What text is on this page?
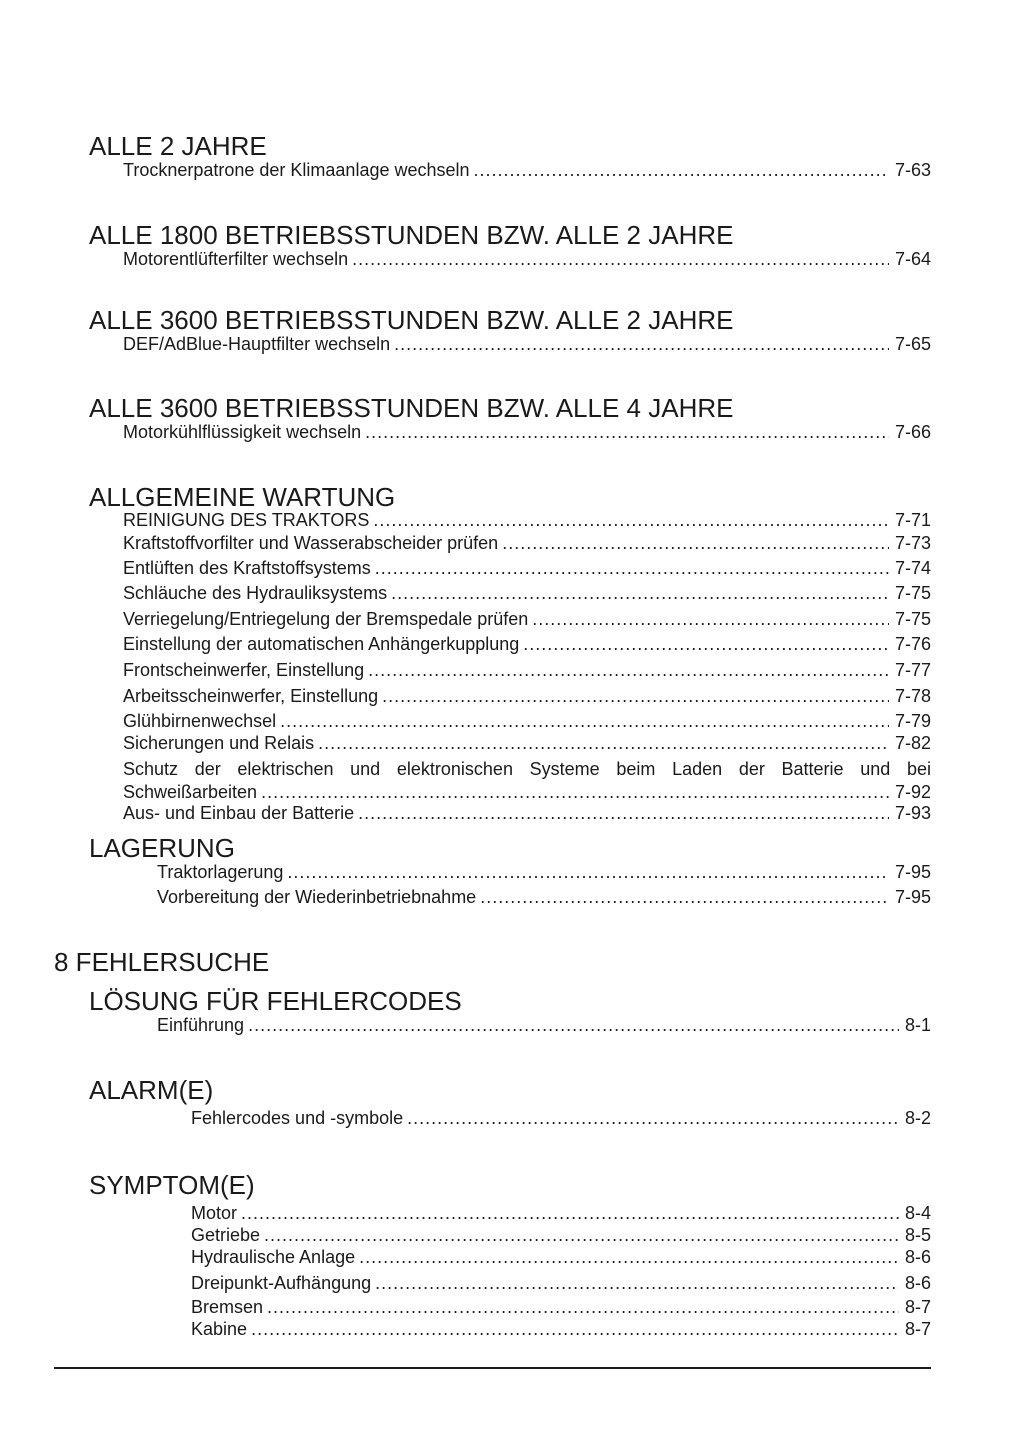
ALLE 2 JAHRE
Trocknerpatrone der Klimaanlage wechseln .....	7-63
ALLE 1800 BETRIEBSSTUNDEN BZW. ALLE 2 JAHRE
Motorentlüfterfilter wechseln .....	7-64
ALLE 3600 BETRIEBSSTUNDEN BZW. ALLE 2 JAHRE
DEF/AdBlue-Hauptfilter wechseln .....	7-65
ALLE 3600 BETRIEBSSTUNDEN BZW. ALLE 4 JAHRE
Motorkühlflüssigkeit wechseln .....	7-66
ALLGEMEINE WARTUNG
REINIGUNG DES TRAKTORS .....	7-71
Kraftstoffvorfilter und Wasserabscheider prüfen .....	7-73
Entlüften des Kraftstoffsystems .....	7-74
Schläuche des Hydrauliksystems .....	7-75
Verriegelung/Entriegelung der Bremspedale prüfen .....	7-75
Einstellung der automatischen Anhängerkupplung .....	7-76
Frontscheinwerfer, Einstellung .....	7-77
Arbeitsscheinwerfer, Einstellung .....	7-78
Glühbirnenwechsel .....	7-79
Sicherungen und Relais .....	7-82
Schutz der elektrischen und elektronischen Systeme beim Laden der Batterie und bei
Schweißarbeiten .....	7-92
Aus- und Einbau der Batterie .....	7-93
LAGERUNG
Traktorlagerung .....	7-95
Vorbereitung der Wiederinbetriebnahme .....	7-95
8 FEHLERSUCHE
LÖSUNG FÜR FEHLERCODES
Einführung .....	8-1
ALARM(E)
Fehlercodes und -symbole .....	8-2
SYMPTOM(E)
Motor .....	8-4
Getriebe .....	8-5
Hydraulische Anlage .....	8-6
Dreipunkt-Aufhängung .....	8-6
Bremsen .....	8-7
Kabine .....	8-7
